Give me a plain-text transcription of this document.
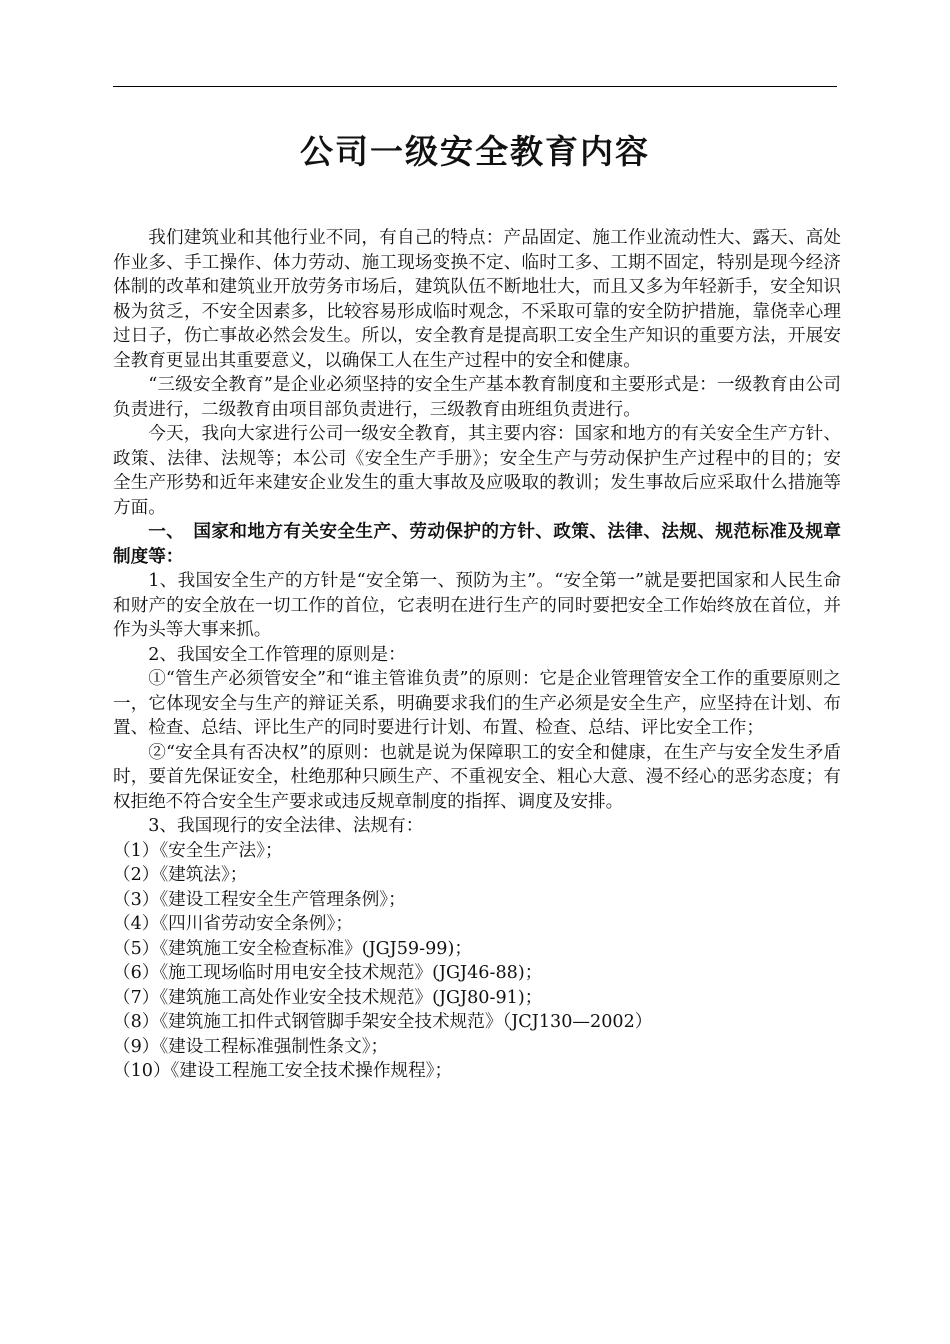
公司一级安全教育内容

我们建筑业和其他行业不同，有自己的特点：产品固定、施工作业流动性大、露天、高处作业多、手工操作、体力劳动、施工现场变换不定、临时工多、工期不固定，特别是现今经济体制的改革和建筑业开放劳务市场后，建筑队伍不断地壮大，而且又多为年轻新手，安全知识极为贫乏，不安全因素多，比较容易形成临时观念，不采取可靠的安全防护措施，靠侥幸心理过日子，伤亡事故必然会发生。所以，安全教育是提高职工安全生产知识的重要方法，开展安全教育更显出其重要意义，以确保工人在生产过程中的安全和健康。

“三级安全教育”是企业必须坚持的安全生产基本教育制度和主要形式是：一级教育由公司负责进行，二级教育由项目部负责进行，三级教育由班组负责进行。

今天，我向大家进行公司一级安全教育，其主要内容：国家和地方的有关安全生产方针、政策、法律、法规等；本公司《安全生产手册》；安全生产与劳动保护生产过程中的目的；安全生产形势和近年来建安企业发生的重大事故及应吸取的教训；发生事故后应采取什么措施等方面。

一、　国家和地方有关安全生产、劳动保护的方针、政策、法律、法规、规范标准及规章制度等：

1、我国安全生产的方针是“安全第一、预防为主”。“安全第一”就是要把国家和人民生命和财产的安全放在一切工作的首位，它表明在进行生产的同时要把安全工作始终放在首位，并作为头等大事来抓。

2、我国安全工作管理的原则是：

①“管生产必须管安全”和“谁主管谁负责”的原则：它是企业管理管安全工作的重要原则之一，它体现安全与生产的辩证关系，明确要求我们的生产必须是安全生产，应坚持在计划、布置、检查、总结、评比生产的同时要进行计划、布置、检查、总结、评比安全工作；

②“安全具有否决权”的原则：也就是说为保障职工的安全和健康，在生产与安全发生矛盾时，要首先保证安全，杜绝那种只顾生产、不重视安全、粗心大意、漫不经心的恶劣态度；有权拒绝不符合安全生产要求或违反规章制度的指挥、调度及安排。

3、我国现行的安全法律、法规有：

（1）《安全生产法》；
（2）《建筑法》；
（3）《建设工程安全生产管理条例》；
（4）《四川省劳动安全条例》；
（5）《建筑施工安全检查标准》(JGJ59-99)；
（6）《施工现场临时用电安全技术规范》(JGJ46-88)；
（7）《建筑施工高处作业安全技术规范》(JGJ80-91)；
（8）《建筑施工扣件式钢管脚手架安全技术规范》（JCJ130—2002）
（9）《建设工程标准强制性条文》；
（10）《建设工程施工安全技术操作规程》；
